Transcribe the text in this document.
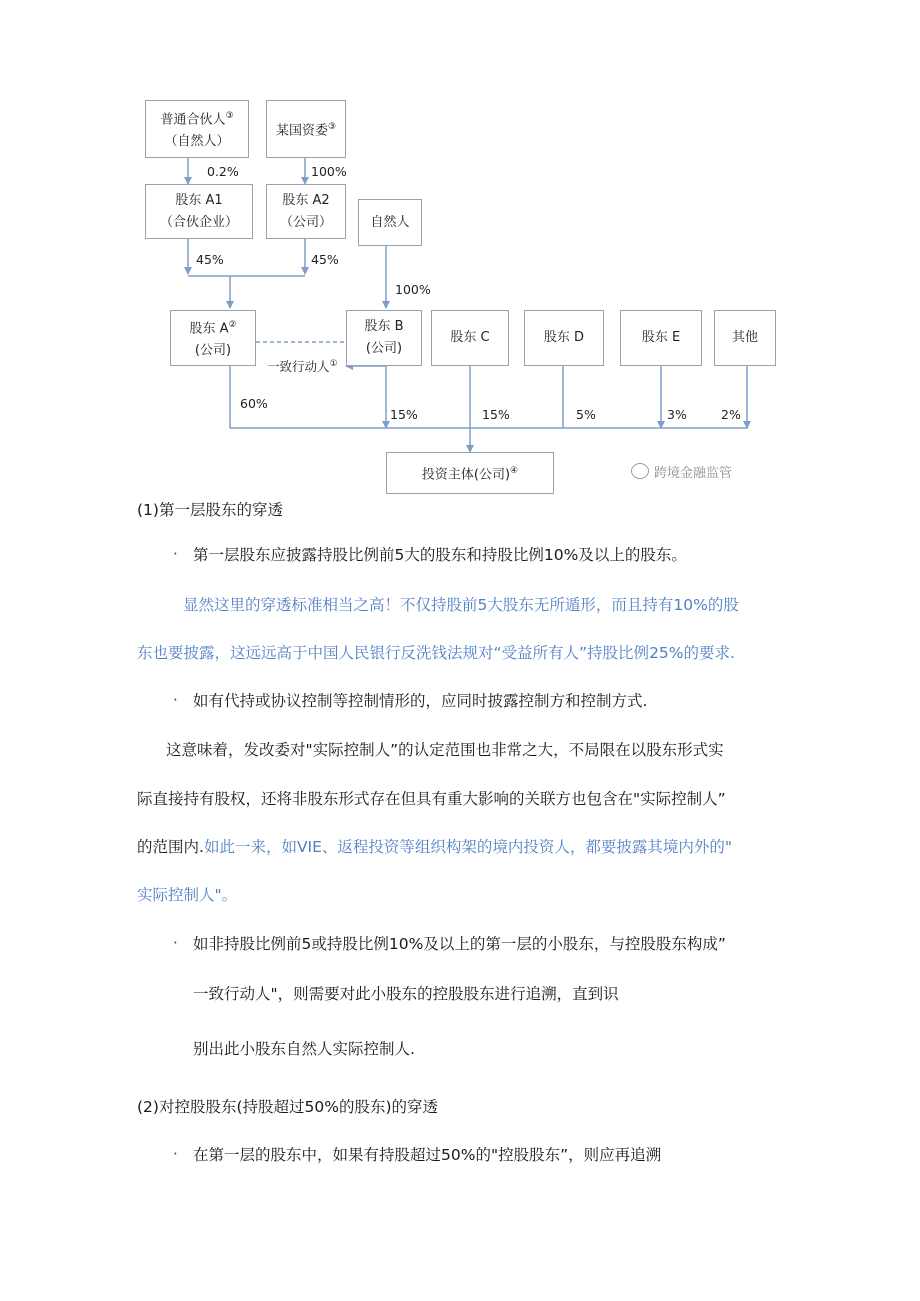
普通合伙人③
（自然人）
某国资委③
股东 A1
（合伙企业）
股东 A2
（公司）	自然人
股东 A②
(公司)
股东 B
(公司)
股东 C	股东 D	股东 E	其他
投资主体(公司)④
0.2%	100%
45%	45%
100%
一致行动人①
60%
15%	15%	5%	3%	2%
跨境金融监管
(1)第一层股东的穿透
· 第一层股东应披露持股比例前5大的股东和持股比例10%及以上的股东。
显然这里的穿透标准相当之高！不仅持股前5大股东无所遁形，而且持有10%的股
东也要披露，这远远高于中国人民银行反洗钱法规对“受益所有人”持股比例25%的要求.
· 如有代持或协议控制等控制情形的，应同时披露控制方和控制方式.
这意味着，发改委对"实际控制人”的认定范围也非常之大，不局限在以股东形式实
际直接持有股权，还将非股东形式存在但具有重大影响的关联方也包含在"实际控制人”
的范围内.如此一来，如VIE、返程投资等组织构架的境内投资人，都要披露其境内外的"
实际控制人"。
· 如非持股比例前5或持股比例10%及以上的第一层的小股东，与控股股东构成”
一致行动人"，则需要对此小股东的控股股东进行追溯，直到识
别出此小股东自然人实际控制人.
(2)对控股股东(持股超过50%的股东)的穿透
· 在第一层的股东中，如果有持股超过50%的"控股股东”，则应再追溯
